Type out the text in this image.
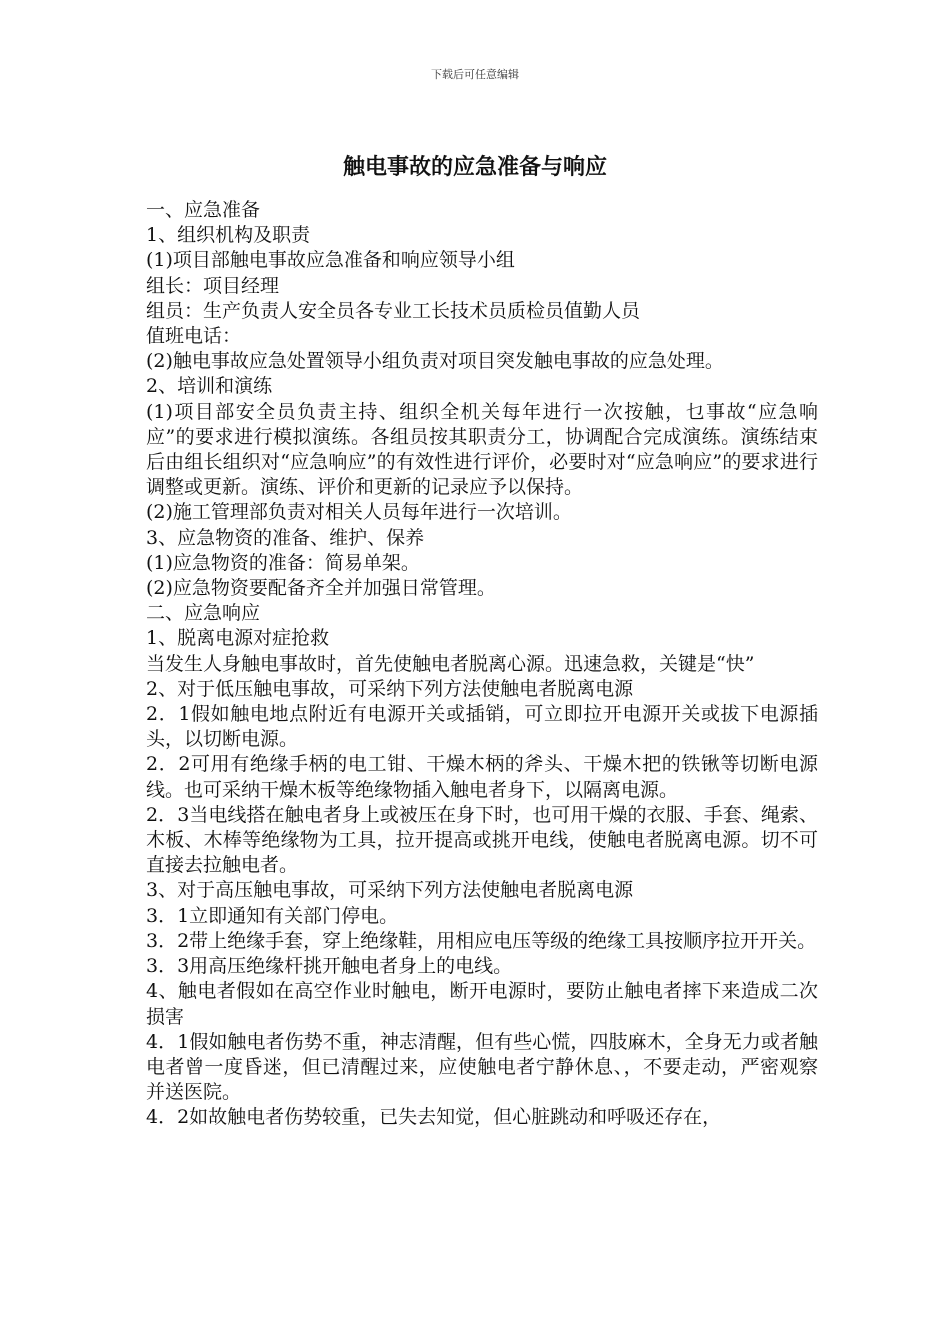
下载后可任意编辑
触电事故的应急准备与响应

一、应急准备

1、组织机构及职责

(1)项目部触电事故应急准备和响应领导小组

组长：项目经理

组员：生产负责人安全员各专业工长技术员质检员值勤人员

值班电话：

(2)触电事故应急处置领导小组负责对项目突发触电事故的应急处理。

2、培训和演练

(1)项目部安全员负责主持、组织全机关每年进行一次按触，乜事故“应急响应”的要求进行模拟演练。各组员按其职责分工，协调配合完成演练。演练结束后由组长组织对“应急响应”的有效性进行评价，必要时对“应急响应”的要求进行调整或更新。演练、评价和更新的记录应予以保持。

(2)施工管理部负责对相关人员每年进行一次培训。

3、应急物资的准备、维护、保养

(1)应急物资的准备：简易单架。

(2)应急物资要配备齐全并加强日常管理。

二、应急响应

1、脱离电源对症抢救

当发生人身触电事故时，首先使触电者脱离心源。迅速急救，关键是“快”

2、对于低压触电事故，可采纳下列方法使触电者脱离电源

2．1假如触电地点附近有电源开关或插销，可立即拉开电源开关或拔下电源插头，以切断电源。

2．2可用有绝缘手柄的电工钳、干燥木柄的斧头、干燥木把的铁锹等切断电源线。也可采纳干燥木板等绝缘物插入触电者身下，以隔离电源。

2．3当电线搭在触电者身上或被压在身下时，也可用干燥的衣服、手套、绳索、木板、木棒等绝缘物为工具，拉开提高或挑开电线，使触电者脱离电源。切不可直接去拉触电者。

3、对于高压触电事故，可采纳下列方法使触电者脱离电源

3．1立即通知有关部门停电。

3．2带上绝缘手套，穿上绝缘鞋，用相应电压等级的绝缘工具按顺序拉开开关。

3．3用高压绝缘杆挑开触电者身上的电线。

4、触电者假如在高空作业时触电，断开电源时，要防止触电者摔下来造成二次损害

4．1假如触电者伤势不重，神志清醒，但有些心慌，四肢麻木，全身无力或者触电者曾一度昏迷，但已清醒过来，应使触电者宁静休息、，不要走动，严密观察并送医院。

4．2如故触电者伤势较重，已失去知觉，但心脏跳动和呼吸还存在，
